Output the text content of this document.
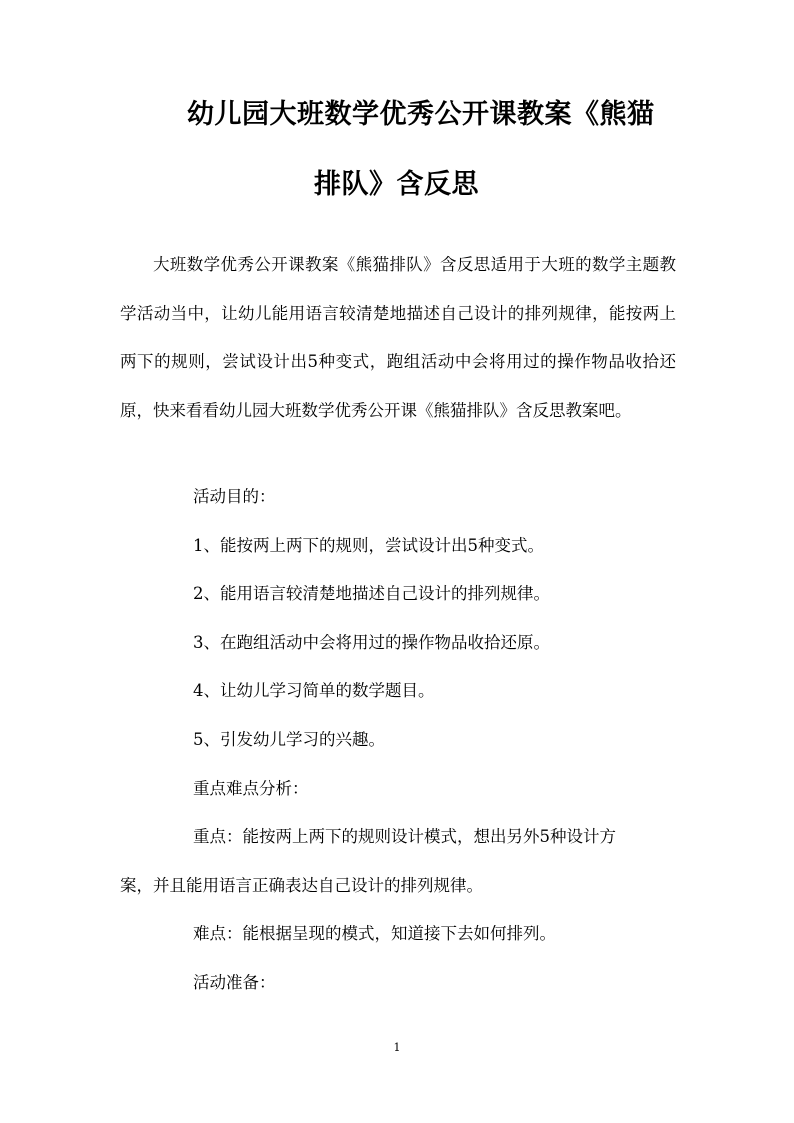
幼儿园大班数学优秀公开课教案《熊猫
排队》含反思
大班数学优秀公开课教案《熊猫排队》含反思适用于大班的数学主题教学活动当中，让幼儿能用语言较清楚地描述自己设计的排列规律，能按两上两下的规则，尝试设计出5种变式，跑组活动中会将用过的操作物品收拾还原，快来看看幼儿园大班数学优秀公开课《熊猫排队》含反思教案吧。
活动目的：
1、能按两上两下的规则，尝试设计出5种变式。
2、能用语言较清楚地描述自己设计的排列规律。
3、在跑组活动中会将用过的操作物品收拾还原。
4、让幼儿学习简单的数学题目。
5、引发幼儿学习的兴趣。
重点难点分析：
重点：能按两上两下的规则设计模式，想出另外5种设计方
案，并且能用语言正确表达自己设计的排列规律。
难点：能根据呈现的模式，知道接下去如何排列。
活动准备：
1
